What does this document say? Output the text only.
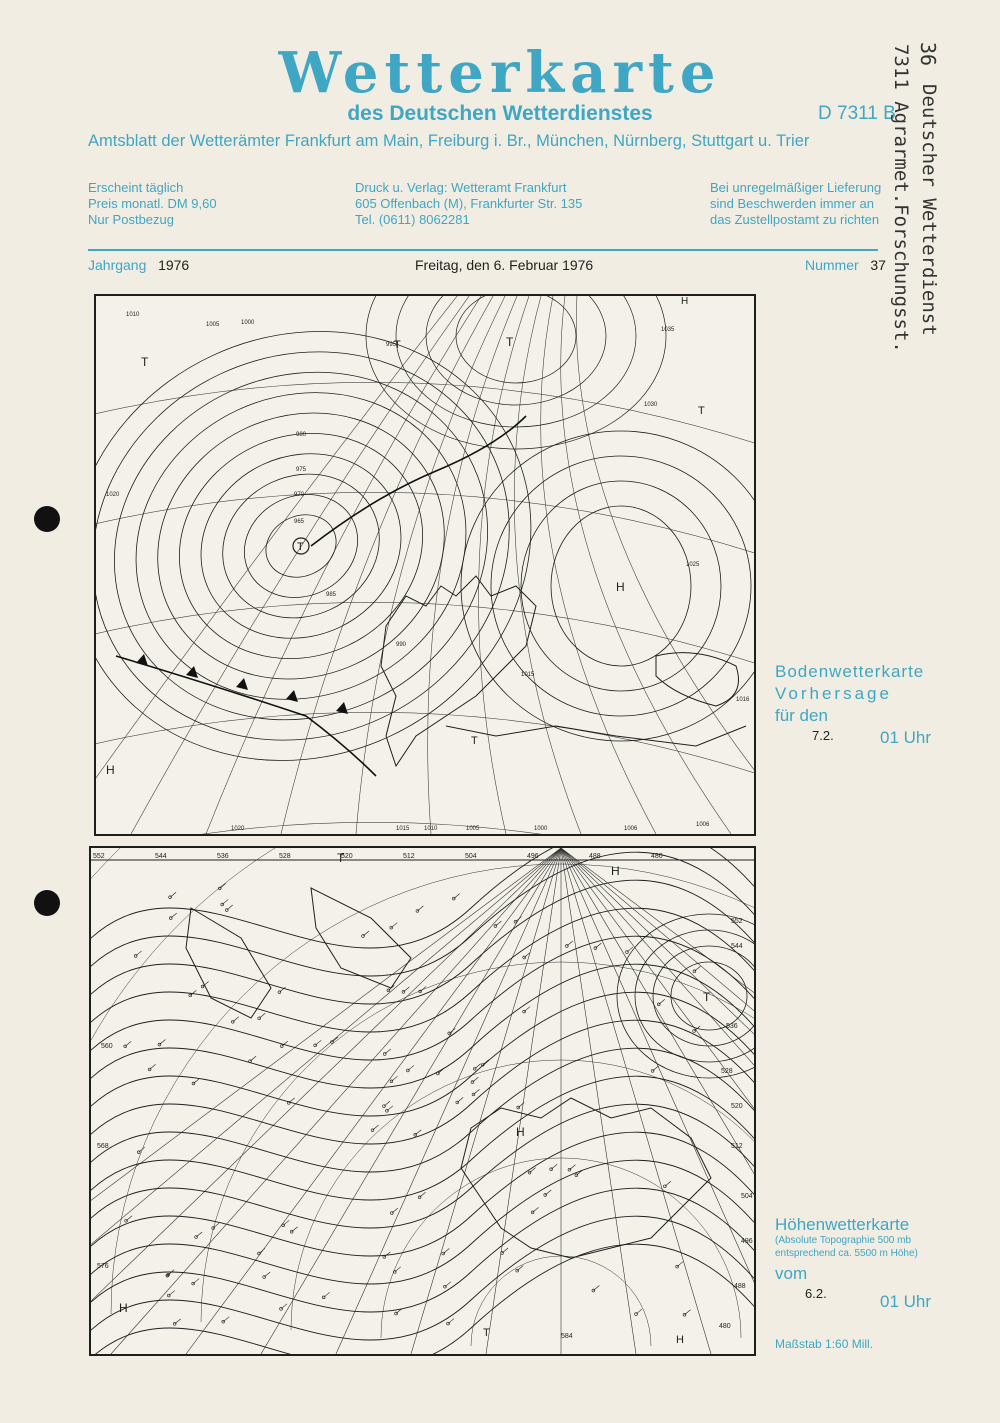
Wetterkarte
des Deutschen Wetterdienstes	D 7311 B
Amtsblatt der Wetterämter Frankfurt am Main, Freiburg i. Br., München, Nürnberg, Stuttgart u. Trier
Erscheint täglich
Preis monatl. DM 9,60
Nur Postbezug
Druck u. Verlag: Wetteramt Frankfurt
605 Offenbach (M), Frankfurter Str. 135
Tel. (0611) 8062281
Bei unregelmäßiger Lieferung
sind Beschwerden immer an
das Zustellpostamt zu richten
Jahrgang 1976	Freitag, den 6. Februar 1976	Nummer 37
36
Deutscher Wetterdienst
7311 Agrarmet.Forschungsst.
T
H
T
T
T
T
H
H
T
1010
1005	1000
995
990
985
980
975
970
965
1015
1020
1025
1030
1035
1016
1006
1020	1015 1010	1005	1000	1006
Bodenwetterkarte
Vorhersage
für den
7.2.	01 Uhr
T
T
H
H
H
T
H
552	544	536	528	520	512	504	496	488	480
552
544
536
528
520
512
504
496
488
480
560
568
576
584
Höhenwetterkarte
(Absolute Topographie 500 mb
entsprechend ca. 5500 m Höhe)
vom
6.2.	01 Uhr
Maßstab 1:60 Mill.
